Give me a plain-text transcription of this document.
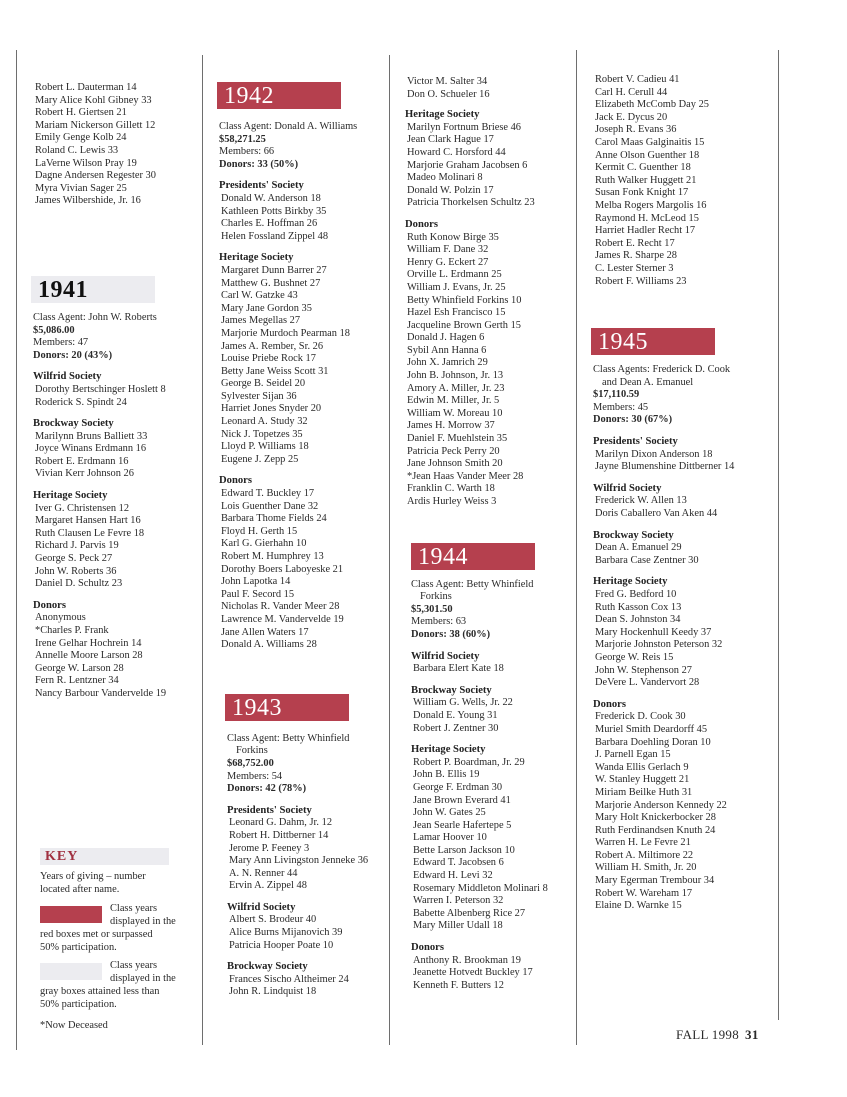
Robert L. Dauterman 14
Mary Alice Kohl Gibney 33
Robert H. Giertsen 21
Mariam Nickerson Gillett 12
Emily Genge Kolb 24
Roland C. Lewis 33
LaVerne Wilson Pray 19
Dagne Andersen Regester 30
Myra Vivian Sager 25
James Wilbershide, Jr. 16
1941
Class Agent: John W. Roberts
$5,086.00
Members: 47
Donors: 20 (43%)
Wilfrid Society
Dorothy Bertschinger Hoslett 8
Roderick S. Spindt 24
Brockway Society
Marilynn Bruns Balliett 33
Joyce Winans Erdmann 16
Robert E. Erdmann 16
Vivian Kerr Johnson 26
Heritage Society
Iver G. Christensen 12
Margaret Hansen Hart 16
Ruth Clausen Le Fevre 18
Richard J. Parvis 19
George S. Peck 27
John W. Roberts 36
Daniel D. Schultz 23
Donors
Anonymous
*Charles P. Frank
Irene Gelhar Hochrein 14
Annelle Moore Larson 28
George W. Larson 28
Fern R. Lentzner 34
Nancy Barbour Vandervelde 19
KEY
Years of giving – number
located after name.
Class years
displayed in the
red boxes met or surpassed
50% participation.
Class years
displayed in the
gray boxes attained less than
50% participation.
*Now Deceased
1942
Class Agent: Donald A. Williams
$58,271.25
Members: 66
Donors: 33 (50%)
Presidents' Society
Donald W. Anderson 18
Kathleen Potts Birkby 35
Charles E. Hoffman 26
Helen Fossland Zippel 48
Heritage Society
Margaret Dunn Barrer 27
Matthew G. Bushnet 27
Carl W. Gatzke 43
Mary Jane Gordon 35
James Megellas 27
Marjorie Murdoch Pearman 18
James A. Rember, Sr. 26
Louise Priebe Rock 17
Betty Jane Weiss Scott 31
George B. Seidel 20
Sylvester Sijan 36
Harriet Jones Snyder 20
Leonard A. Study 32
Nick J. Topetzes 35
Lloyd P. Williams 18
Eugene J. Zepp 25
Donors
Edward T. Buckley 17
Lois Guenther Dane 32
Barbara Thome Fields 24
Floyd H. Gerth 15
Karl G. Gierhahn 10
Robert M. Humphrey 13
Dorothy Boers Laboyeske 21
John Lapotka 14
Paul F. Secord 15
Nicholas R. Vander Meer 28
Lawrence M. Vandervelde 19
Jane Allen Waters 17
Donald A. Williams 28
1943
Class Agent: Betty Whinfield
Forkins
$68,752.00
Members: 54
Donors: 42 (78%)
Presidents' Society
Leonard G. Dahm, Jr. 12
Robert H. Dittberner 14
Jerome P. Feeney 3
Mary Ann Livingston Jenneke 36
A. N. Renner 44
Ervin A. Zippel 48
Wilfrid Society
Albert S. Brodeur 40
Alice Burns Mijanovich 39
Patricia Hooper Poate 10
Brockway Society
Frances Sischo Altheimer 24
John R. Lindquist 18
Victor M. Salter 34
Don O. Schueler 16
Heritage Society
Marilyn Fortnum Briese 46
Jean Clark Hague 17
Howard C. Horsford 44
Marjorie Graham Jacobsen 6
Madeo Molinari 8
Donald W. Polzin 17
Patricia Thorkelsen Schultz 23
Donors
Ruth Konow Birge 35
William F. Dane 32
Henry G. Eckert 27
Orville L. Erdmann 25
William J. Evans, Jr. 25
Betty Whinfield Forkins 10
Hazel Esh Francisco 15
Jacqueline Brown Gerth 15
Donald J. Hagen 6
Sybil Ann Hanna 6
John X. Jamrich 29
John B. Johnson, Jr. 13
Amory A. Miller, Jr. 23
Edwin M. Miller, Jr. 5
William W. Moreau 10
James H. Morrow 37
Daniel F. Muehlstein 35
Patricia Peck Perry 20
Jane Johnson Smith 20
*Jean Haas Vander Meer 28
Franklin C. Warth 18
Ardis Hurley Weiss 3
1944
Class Agent: Betty Whinfield
Forkins
$5,301.50
Members: 63
Donors: 38 (60%)
Wilfrid Society
Barbara Elert Kate 18
Brockway Society
William G. Wells, Jr. 22
Donald E. Young 31
Robert J. Zentner 30
Heritage Society
Robert P. Boardman, Jr. 29
John B. Ellis 19
George F. Erdman 30
Jane Brown Everard 41
John W. Gates 25
Jean Searle Hafertepe 5
Lamar Hoover 10
Bette Larson Jackson 10
Edward T. Jacobsen 6
Edward H. Levi 32
Rosemary Middleton Molinari 8
Warren I. Peterson 32
Babette Albenberg Rice 27
Mary Miller Udall 18
Donors
Anthony R. Brookman 19
Jeanette Hotvedt Buckley 17
Kenneth F. Butters 12
Robert V. Cadieu 41
Carl H. Cerull 44
Elizabeth McComb Day 25
Jack E. Dycus 20
Joseph R. Evans 36
Carol Maas Galginaitis 15
Anne Olson Guenther 18
Kermit C. Guenther 18
Ruth Walker Huggett 21
Susan Fonk Knight 17
Melba Rogers Margolis 16
Raymond H. McLeod 15
Harriet Hadler Recht 17
Robert E. Recht 17
James R. Sharpe 28
C. Lester Sterner 3
Robert F. Williams 23
1945
Class Agents: Frederick D. Cook
and Dean A. Emanuel
$17,110.59
Members: 45
Donors: 30 (67%)
Presidents' Society
Marilyn Dixon Anderson 18
Jayne Blumenshine Dittberner 14
Wilfrid Society
Frederick W. Allen 13
Doris Caballero Van Aken 44
Brockway Society
Dean A. Emanuel 29
Barbara Case Zentner 30
Heritage Society
Fred G. Bedford 10
Ruth Kasson Cox 13
Dean S. Johnston 34
Mary Hockenhull Keedy 37
Marjorie Johnston Peterson 32
George W. Reis 15
John W. Stephenson 27
DeVere L. Vandervort 28
Donors
Frederick D. Cook 30
Muriel Smith Deardorff 45
Barbara Doehling Doran 10
J. Parnell Egan 15
Wanda Ellis Gerlach 9
W. Stanley Huggett 21
Miriam Beilke Huth 31
Marjorie Anderson Kennedy 22
Mary Holt Knickerbocker 28
Ruth Ferdinandsen Knuth 24
Warren H. Le Fevre 21
Robert A. Miltimore 22
William H. Smith, Jr. 20
Mary Egerman Trembour 34
Robert W. Wareham 17
Elaine D. Warnke 15
FALL 1998 31
